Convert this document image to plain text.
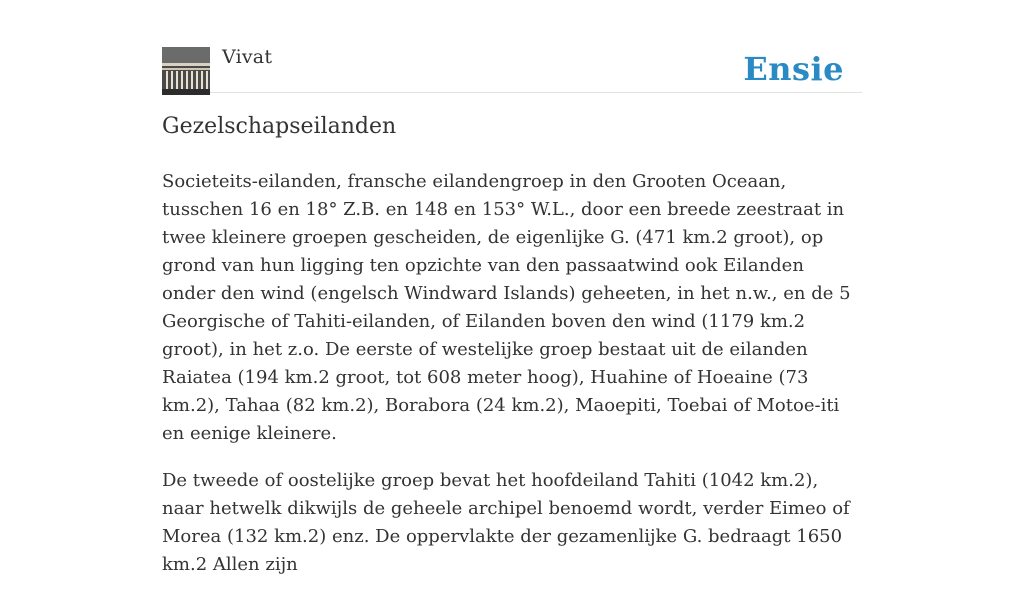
Vivat	Ensie
Gezelschapseilanden

Societeits-eilanden, fransche eilandengroep in den Grooten Oceaan, tusschen 16 en 18° Z.B. en 148 en 153° W.L., door een breede zeestraat in twee kleinere groepen gescheiden, de eigenlijke G. (471 km.2 groot), op grond van hun ligging ten opzichte van den passaatwind ook Eilanden onder den wind (engelsch Windward Islands) geheeten, in het n.w., en de 5 Georgische of Tahiti-eilanden, of Eilanden boven den wind (1179 km.2 groot), in het z.o. De eerste of westelijke groep bestaat uit de eilanden Raiatea (194 km.2 groot, tot 608 meter hoog), Huahine of Hoeaine (73 km.2), Tahaa (82 km.2), Borabora (24 km.2), Maoepiti, Toebai of Motoe-iti en eenige kleinere.

De tweede of oostelijke groep bevat het hoofdeiland Tahiti (1042 km.2), naar hetwelk dikwijls de geheele archipel benoemd wordt, verder Eimeo of Morea (132 km.2) enz. De oppervlakte der gezamenlijke G. bedraagt 1650 km.2 Allen zijn
